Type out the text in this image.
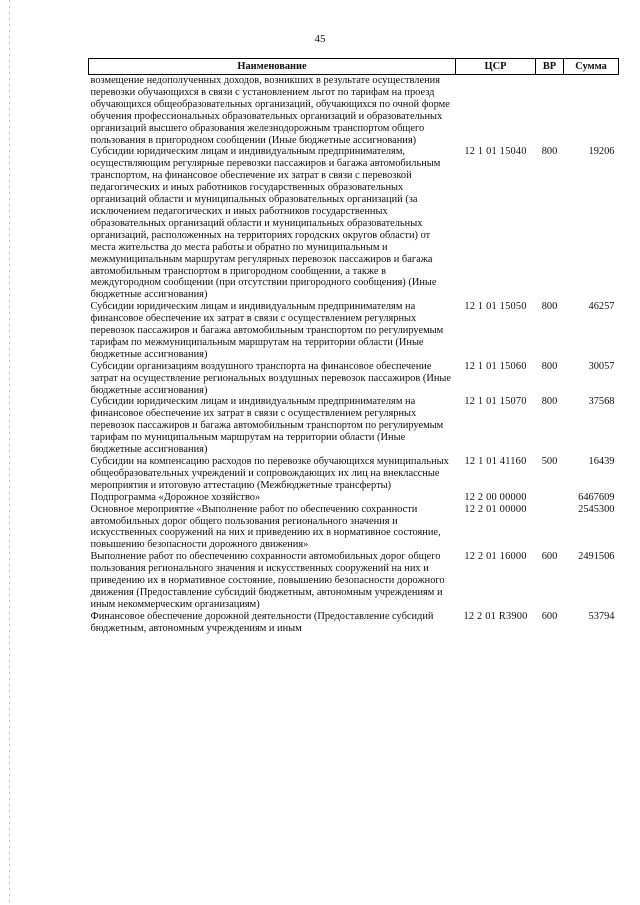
45
Наименование	ЦСР	ВР	Сумма
возмещение недополученных доходов, возникших в результате осуществления перевозки обучающихся в связи с установлением льгот по тарифам на проезд обучающихся общеобразовательных организаций, обучающихся по очной форме обучения профессиональных образовательных организаций и образовательных организаций высшего образования железнодорожным транспортом общего пользования в пригородном сообщении (Иные бюджетные ассигнования)			
Субсидии юридическим лицам и индивидуальным предпринимателям, осуществляющим регулярные перевозки пассажиров и багажа автомобильным транспортом, на финансовое обеспечение их затрат в связи с перевозкой педагогических и иных работников государственных образовательных организаций области и муниципальных образовательных организаций (за исключением педагогических и иных работников государственных образовательных организаций области и муниципальных образовательных организаций, расположенных на территориях городских округов области) от места жительства до места работы и обратно по муниципальным и межмуниципальным маршрутам регулярных перевозок пассажиров и багажа автомобильным транспортом в пригородном сообщении, а также в междугородном сообщении (при отсутствии пригородного сообщения) (Иные бюджетные ассигнования)	12 1 01 15040	800	19206
Субсидии юридическим лицам и индивидуальным предпринимателям на финансовое обеспечение их затрат в связи с осуществлением регулярных перевозок пассажиров и багажа автомобильным транспортом по регулируемым тарифам по межмуниципальным маршрутам на территории области (Иные бюджетные ассигнования)	12 1 01 15050	800	46257
Субсидии организациям воздушного транспорта на финансовое обеспечение затрат на осуществление региональных воздушных перевозок пассажиров (Иные бюджетные ассигнования)	12 1 01 15060	800	30057
Субсидии юридическим лицам и индивидуальным предпринимателям на финансовое обеспечение их затрат в связи с осуществлением регулярных перевозок пассажиров и багажа автомобильным транспортом по регулируемым тарифам по муниципальным маршрутам на территории области (Иные бюджетные ассигнования)	12 1 01 15070	800	37568
Субсидии на компенсацию расходов по перевозке обучающихся муниципальных общеобразовательных учреждений и сопровождающих их лиц на внеклассные мероприятия и итоговую аттестацию (Межбюджетные трансферты)	12 1 01 41160	500	16439
Подпрограмма «Дорожное хозяйство»	12 2 00 00000		6467609
Основное мероприятие «Выполнение работ по обеспечению сохранности автомобильных дорог общего пользования регионального значения и искусственных сооружений на них и приведению их в нормативное состояние, повышению безопасности дорожного движения»	12 2 01 00000		2545300
Выполнение работ по обеспечению сохранности автомобильных дорог общего пользования регионального значения и искусственных сооружений на них и приведению их в нормативное состояние, повышению безопасности дорожного движения (Предоставление субсидий бюджетным, автономным учреждениям и иным некоммерческим организациям)	12 2 01 16000	600	2491506
Финансовое обеспечение дорожной деятельности (Предоставление субсидий бюджетным, автономным учреждениям и иным	12 2 01 R3900	600	53794
